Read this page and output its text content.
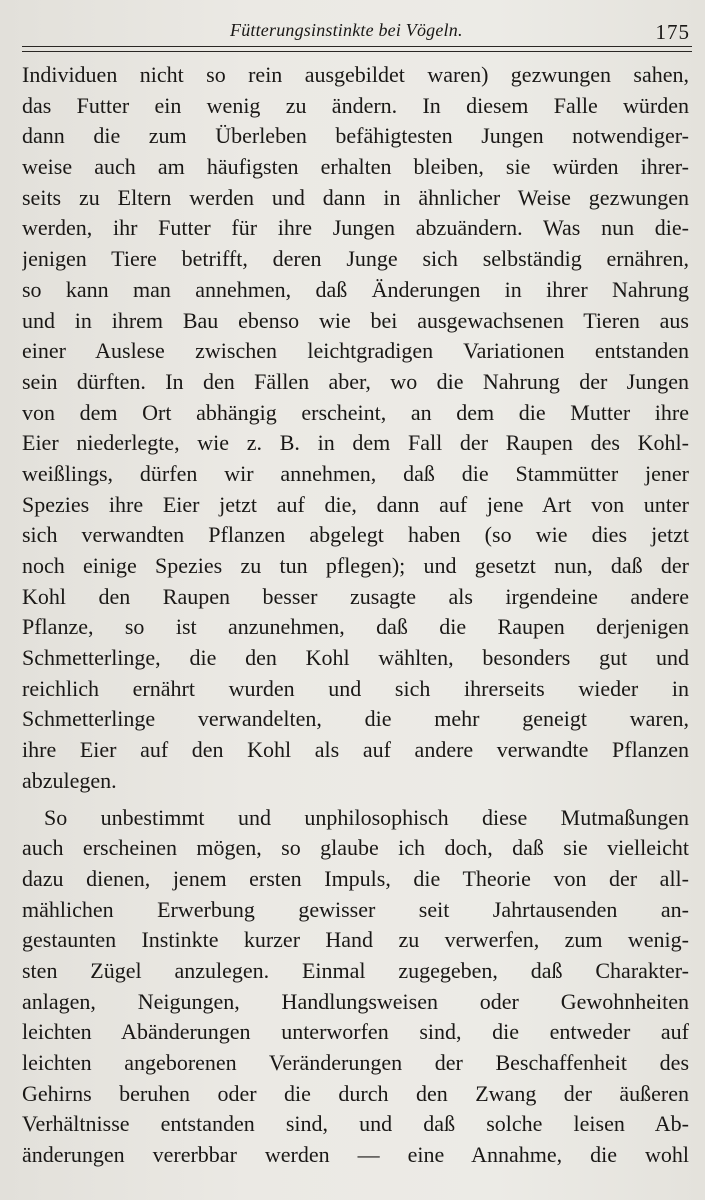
Fütterungsinstinkte bei Vögeln.	175
Individuen nicht so rein ausgebildet waren) gezwungen sahen,
das Futter ein wenig zu ändern. In diesem Falle würden
dann die zum Überleben befähigtesten Jungen notwendiger-
weise auch am häufigsten erhalten bleiben, sie würden ihrer-
seits zu Eltern werden und dann in ähnlicher Weise gezwungen
werden, ihr Futter für ihre Jungen abzuändern. Was nun die-
jenigen Tiere betrifft, deren Junge sich selbständig ernähren,
so kann man annehmen, daß Änderungen in ihrer Nahrung
und in ihrem Bau ebenso wie bei ausgewachsenen Tieren aus
einer Auslese zwischen leichtgradigen Variationen entstanden
sein dürften. In den Fällen aber, wo die Nahrung der Jungen
von dem Ort abhängig erscheint, an dem die Mutter ihre
Eier niederlegte, wie z. B. in dem Fall der Raupen des Kohl-
weißlings, dürfen wir annehmen, daß die Stammütter jener
Spezies ihre Eier jetzt auf die, dann auf jene Art von unter
sich verwandten Pflanzen abgelegt haben (so wie dies jetzt
noch einige Spezies zu tun pflegen); und gesetzt nun, daß der
Kohl den Raupen besser zusagte als irgendeine andere
Pflanze, so ist anzunehmen, daß die Raupen derjenigen
Schmetterlinge, die den Kohl wählten, besonders gut und
reichlich ernährt wurden und sich ihrerseits wieder in
Schmetterlinge verwandelten, die mehr geneigt waren,
ihre Eier auf den Kohl als auf andere verwandte Pflanzen
abzulegen.
So unbestimmt und unphilosophisch diese Mutmaßungen
auch erscheinen mögen, so glaube ich doch, daß sie vielleicht
dazu dienen, jenem ersten Impuls, die Theorie von der all-
mählichen Erwerbung gewisser seit Jahrtausenden an-
gestaunten Instinkte kurzer Hand zu verwerfen, zum wenig-
sten Zügel anzulegen. Einmal zugegeben, daß Charakter-
anlagen, Neigungen, Handlungsweisen oder Gewohnheiten
leichten Abänderungen unterworfen sind, die entweder auf
leichten angeborenen Veränderungen der Beschaffenheit des
Gehirns beruhen oder die durch den Zwang der äußeren
Verhältnisse entstanden sind, und daß solche leisen Ab-
änderungen vererbbar werden — eine Annahme, die wohl
